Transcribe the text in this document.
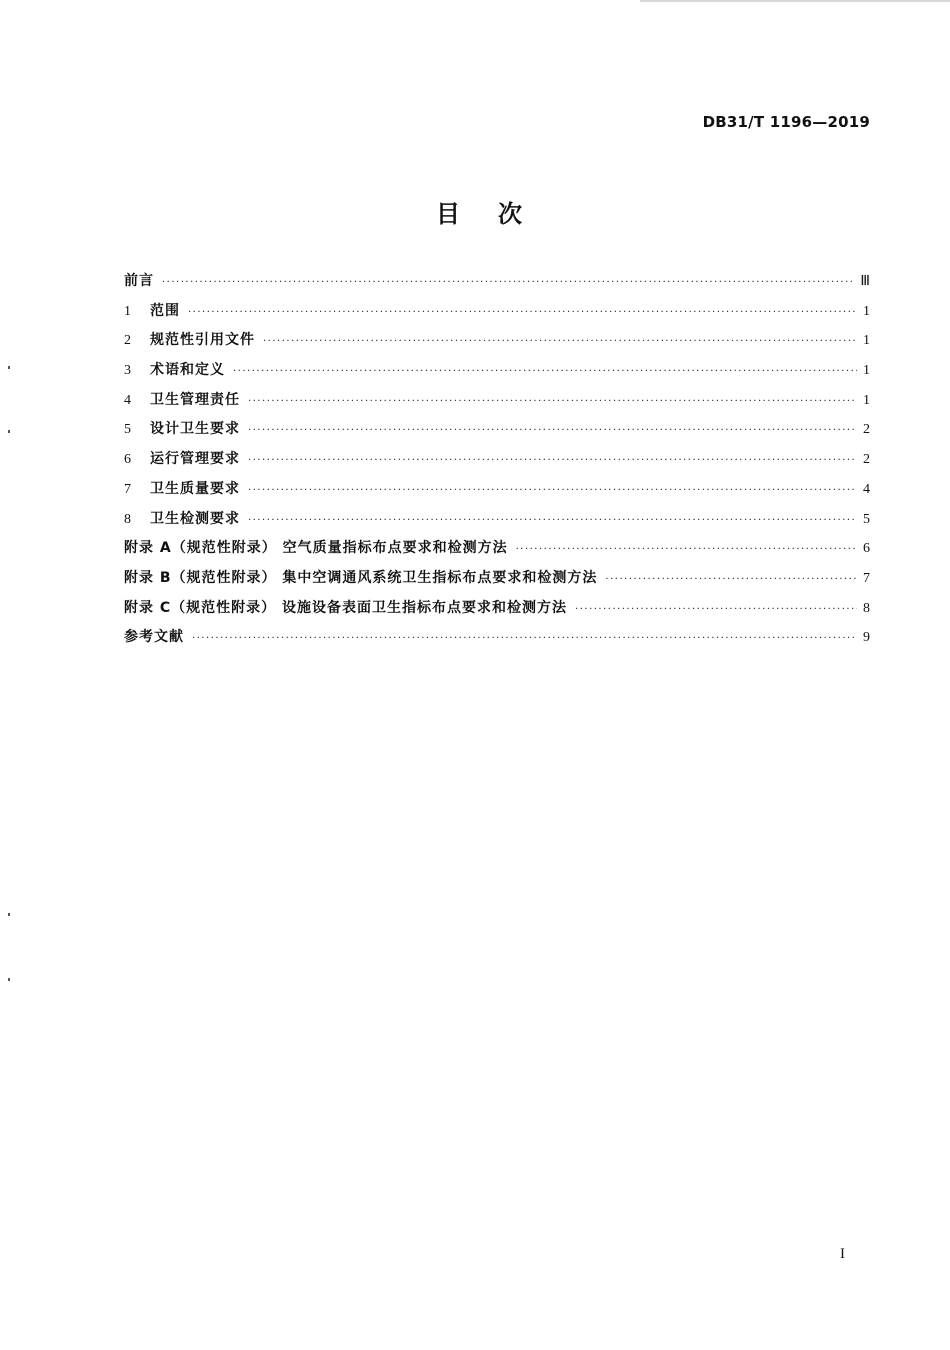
DB31/T 1196—2019
目次
前言 ·····	Ⅲ
1	范围 ·····	1
2	规范性引用文件 ·····	1
3	术语和定义 ·····	1
4	卫生管理责任 ·····	1
5	设计卫生要求 ·····	2
6	运行管理要求 ·····	2
7	卫生质量要求 ·····	4
8	卫生检测要求 ·····	5
附录 A（规范性附录） 空气质量指标布点要求和检测方法 ·····	6
附录 B（规范性附录） 集中空调通风系统卫生指标布点要求和检测方法 ·····	7
附录 C（规范性附录） 设施设备表面卫生指标布点要求和检测方法 ·····	8
参考文献 ·····	9
I
